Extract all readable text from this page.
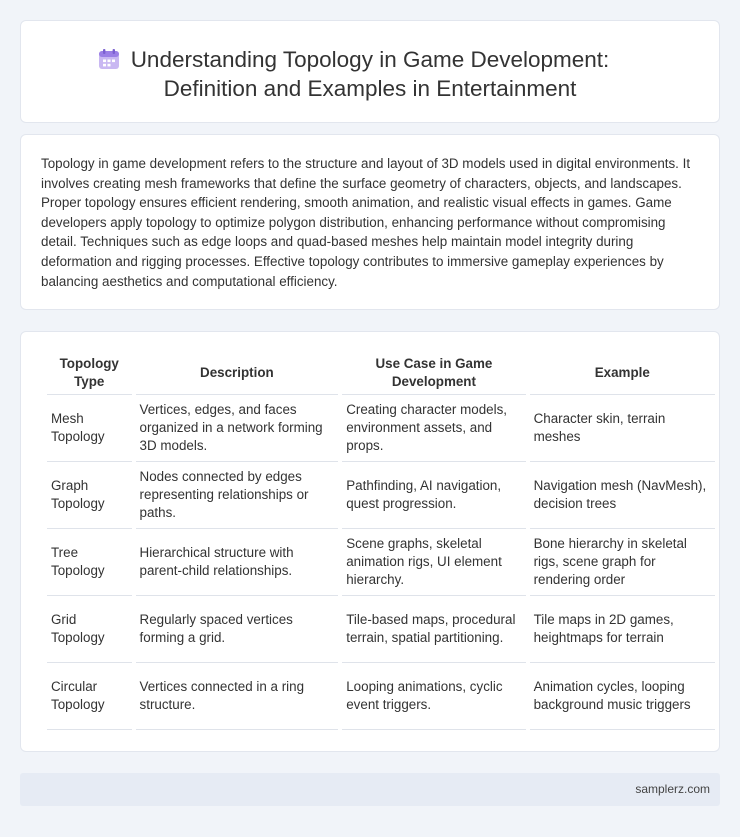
Understanding Topology in Game Development:
Definition and Examples in Entertainment

Topology in game development refers to the structure and layout of 3D models used in digital environments. It involves creating mesh frameworks that define the surface geometry of characters, objects, and landscapes. Proper topology ensures efficient rendering, smooth animation, and realistic visual effects in games. Game developers apply topology to optimize polygon distribution, enhancing performance without compromising detail. Techniques such as edge loops and quad-based meshes help maintain model integrity during deformation and rigging processes. Effective topology contributes to immersive gameplay experiences by balancing aesthetics and computational efficiency.

Topology Type	Description	Use Case in Game Development	Example
Mesh Topology	Vertices, edges, and faces organized in a network forming 3D models.	Creating character models, environment assets, and props.	Character skin, terrain meshes
Graph Topology	Nodes connected by edges representing relationships or paths.	Pathfinding, AI navigation, quest progression.	Navigation mesh (NavMesh), decision trees
Tree Topology	Hierarchical structure with parent-child relationships.	Scene graphs, skeletal animation rigs, UI element hierarchy.	Bone hierarchy in skeletal rigs, scene graph for rendering order
Grid Topology	Regularly spaced vertices forming a grid.	Tile-based maps, procedural terrain, spatial partitioning.	Tile maps in 2D games, heightmaps for terrain
Circular Topology	Vertices connected in a ring structure.	Looping animations, cyclic event triggers.	Animation cycles, looping background music triggers
samplerz.com
